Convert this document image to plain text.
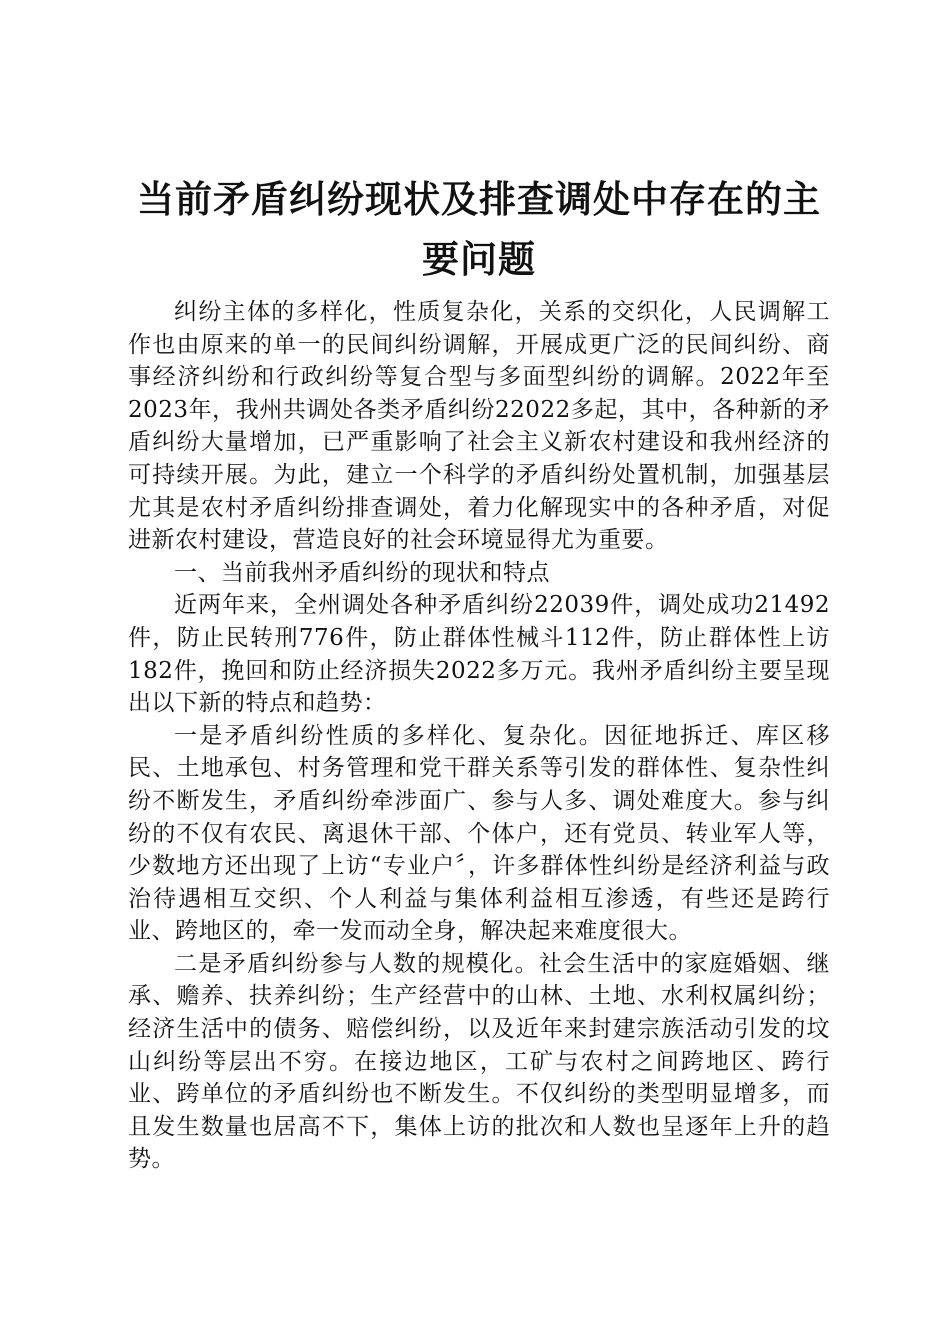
当前矛盾纠纷现状及排查调处中存在的主要问题

纠纷主体的多样化，性质复杂化，关系的交织化，人民调解工作也由原来的单一的民间纠纷调解，开展成更广泛的民间纠纷、商事经济纠纷和行政纠纷等复合型与多面型纠纷的调解。2022年至2023年，我州共调处各类矛盾纠纷22022多起，其中，各种新的矛盾纠纷大量增加，已严重影响了社会主义新农村建设和我州经济的可持续开展。为此，建立一个科学的矛盾纠纷处置机制，加强基层尤其是农村矛盾纠纷排查调处，着力化解现实中的各种矛盾，对促进新农村建设，营造良好的社会环境显得尤为重要。

一、当前我州矛盾纠纷的现状和特点

近两年来，全州调处各种矛盾纠纷22039件，调处成功21492件，防止民转刑776件，防止群体性械斗112件，防止群体性上访182件，挽回和防止经济损失2022多万元。我州矛盾纠纷主要呈现出以下新的特点和趋势：

一是矛盾纠纷性质的多样化、复杂化。因征地拆迁、库区移民、土地承包、村务管理和党干群关系等引发的群体性、复杂性纠纷不断发生，矛盾纠纷牵涉面广、参与人多、调处难度大。参与纠纷的不仅有农民、离退休干部、个体户，还有党员、转业军人等，少数地方还出现了上访“专业户〞，许多群体性纠纷是经济利益与政治待遇相互交织、个人利益与集体利益相互渗透，有些还是跨行业、跨地区的，牵一发而动全身，解决起来难度很大。

二是矛盾纠纷参与人数的规模化。社会生活中的家庭婚姻、继承、赡养、扶养纠纷；生产经营中的山林、土地、水利权属纠纷；经济生活中的债务、赔偿纠纷，以及近年来封建宗族活动引发的坟山纠纷等层出不穷。在接边地区，工矿与农村之间跨地区、跨行业、跨单位的矛盾纠纷也不断发生。不仅纠纷的类型明显增多，而且发生数量也居高不下，集体上访的批次和人数也呈逐年上升的趋势。
